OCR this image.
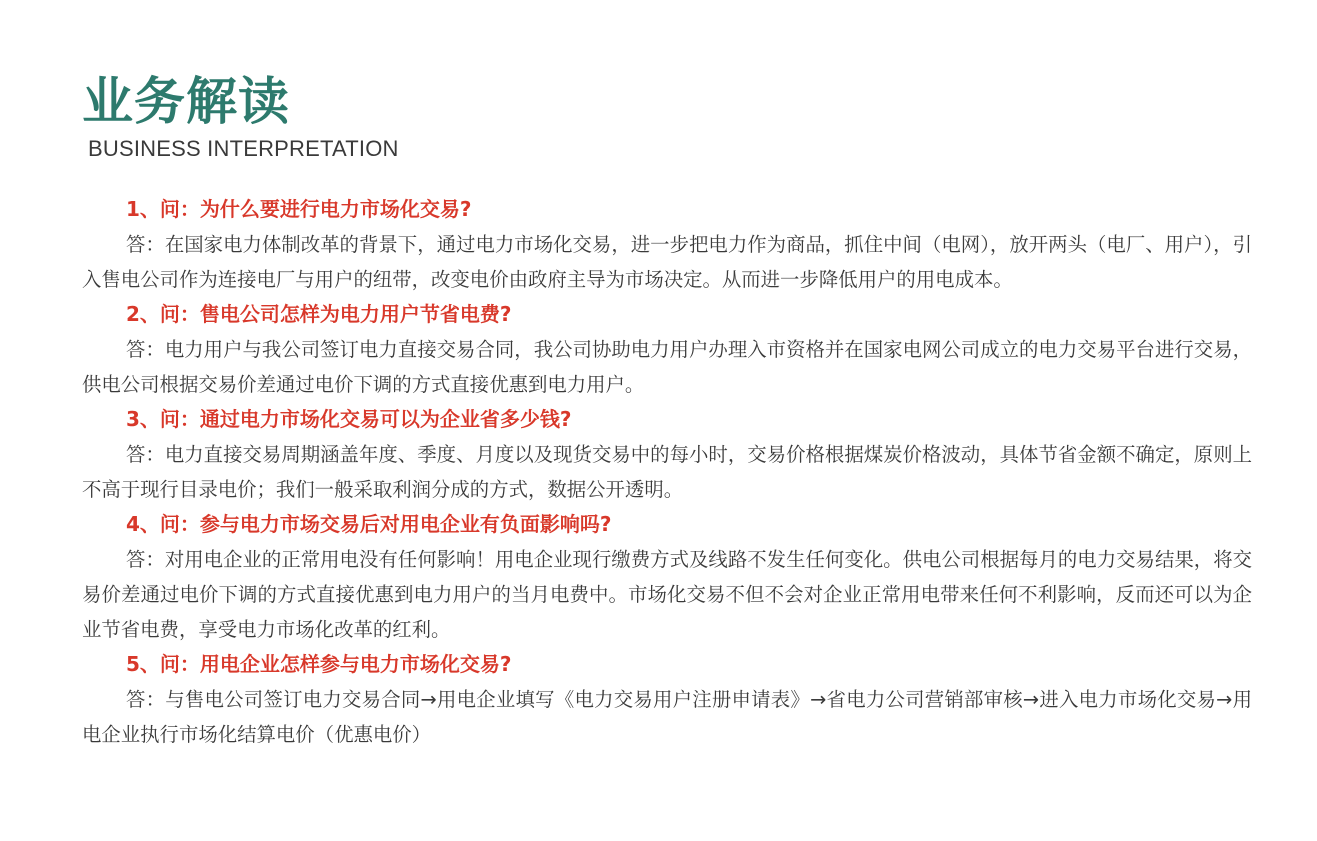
业务解读
BUSINESS INTERPRETATION

1、问：为什么要进行电力市场化交易?

答：在国家电力体制改革的背景下，通过电力市场化交易，进一步把电力作为商品，抓住中间（电网），放开两头（电厂、用户），引入售电公司作为连接电厂与用户的纽带，改变电价由政府主导为市场决定。从而进一步降低用户的用电成本。

2、问：售电公司怎样为电力用户节省电费?

答：电力用户与我公司签订电力直接交易合同，我公司协助电力用户办理入市资格并在国家电网公司成立的电力交易平台进行交易，供电公司根据交易价差通过电价下调的方式直接优惠到电力用户。

3、问：通过电力市场化交易可以为企业省多少钱?

答：电力直接交易周期涵盖年度、季度、月度以及现货交易中的每小时，交易价格根据煤炭价格波动，具体节省金额不确定，原则上不高于现行目录电价；我们一般采取利润分成的方式，数据公开透明。

4、问：参与电力市场交易后对用电企业有负面影响吗?

答：对用电企业的正常用电没有任何影响！用电企业现行缴费方式及线路不发生任何变化。供电公司根据每月的电力交易结果，将交易价差通过电价下调的方式直接优惠到电力用户的当月电费中。市场化交易不但不会对企业正常用电带来任何不利影响，反而还可以为企业节省电费，享受电力市场化改革的红利。

5、问：用电企业怎样参与电力市场化交易?

答：与售电公司签订电力交易合同→用电企业填写《电力交易用户注册申请表》→省电力公司营销部审核→进入电力市场化交易→用电企业执行市场化结算电价（优惠电价）
